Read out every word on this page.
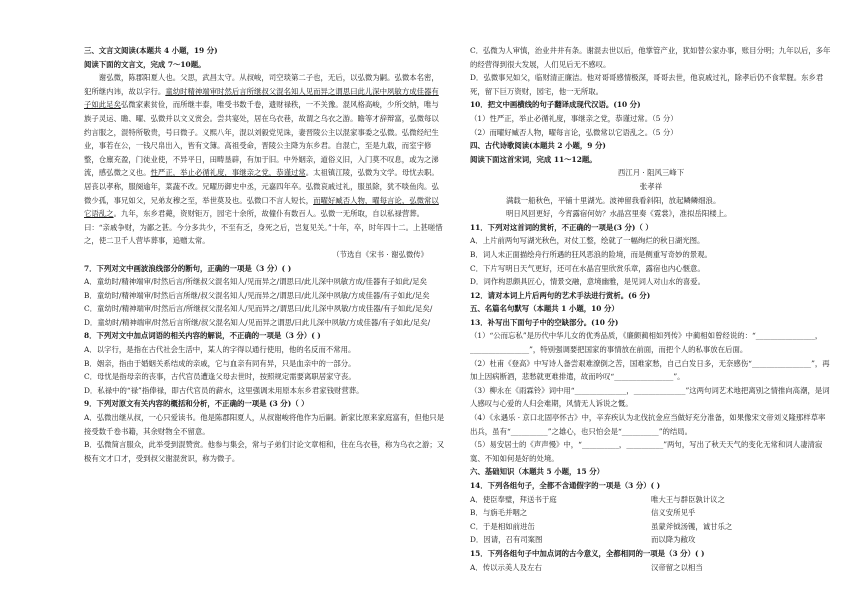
三、文言文阅读(本题共 4 小题，19 分)

阅读下面的文言文，完成 7～10题。

谢弘微，陈郡阳夏人也。父思，武昌太守。从叔峻，司空琰第二子也，无后，以弘微为嗣。弘微本名密，犯所继内讳，故以字行。童幼时精神端审时然后言所继叔父混名知人见而异之谓思曰此儿深中夙敏方成佳器有子如此足矣弘微家素贫俭，而所继丰泰，唯受书数千卷，遗财禄秩，一不关豫。混风格高峻，少所交纳，唯与族子灵运、瞻、曜、弘微并以文义赏会。尝共宴处，居在乌衣巷，故谓之乌衣之游。瞻等才辞辩富，弘微每以约言服之，混特所敬贵，号曰微子。义熙八年，混以刘毅党见诛，妻晋陵公主以混家事委之弘微。弘微经纪生业，事若在公，一钱尺帛出入，皆有文簿。高祖受命，晋陵公主降为东乡君。自混亡，至是九载，而室宇修整，仓廪充盈，门徒业使，不异平日，田畴垦辟，有加于旧。中外姻亲，道俗义旧，入门莫不叹息，或为之涕流，感弘微之义也。性严正，举止必循礼度，事继亲之党，恭谨过常。太祖镇江陵，弘微为文学。母忧去职。居丧以孝称，服阕逾年，菜蔬不改。兄曜历御史中丞，元嘉四年卒。弘微哀戚过礼，服虽除，犹不啖鱼肉。弘微少孤，事兄如父，兄弟友穆之至，举世莫及也。弘微口不言人短长，而曜好臧否人物，曜每言论，弘微常以它语乱之。九年，东乡君薨，资财钜万，园宅十余所，故僮仆有数百人。弘微一无所取，自以私禄营葬。曰：“亲戚争财，为鄙之甚。今分多共少，不至有乏，身死之后，岂复见关。”十年，卒，时年四十二。上甚嗟惜之，使二卫千人营毕葬事，追赠太常。

（节选自《宋书 · 谢弘微传》

7．下列对文中画波浪线部分的断句，正确的一项是（3 分）( )

A．童幼时/精神端审/时然后言/所继叔父混名知人/见而异之/谓思曰/此儿深中夙敏方成/佳器有子如此/足矣

B．童幼时/精神端审/时然后言所继/叔父混名知人/见而异之/谓思曰/此儿深中夙敏/方成佳器/有子如此/足矣

C．童幼时/精神端审/时然后言/所继叔父混名知人/见而异之/谓思曰/此儿深中夙敏/方成佳器/有子如此/足矣/

D．童幼时/精神端审/时然后言所继/叔父混名知人/见而异之谓思/曰此儿深中夙敏/方成佳器/有子如此/足矣/

8．下列对文中加点词语的相关内容的解说，不正确的一项是（3 分）( )

A．以字行，是指在古代社会生活中，某人的字得以通行使用，他的名反而不常用。

B．姻亲，指由于婚姻关系结成的亲戚，它与血亲有同有异，只是血亲中的一部分。

C．母忧是指母亲的丧事，古代官员遭逢父母去世时，按照规定需要离职居家守丧。

D．私禄中的“禄”指俸禄，即古代官员的薪水，这里强调未用原本东乡君家钱财营葬。

9．下列对原文有关内容的概括和分析，不正确的一项是 (3 分)（ ）

A．弘微出继从叔，一心只爱读书。他是陈郡阳夏人，从叔谢峻将他作为后嗣。新家比原来家庭富有，但他只是接受数千卷书籍，其余财物全不留意。

B．弘微简言服众，此举受到混赞赏。他参与集会，常与子弟们讨论文章相和，住在乌衣巷，称为乌衣之游；又极有文才口才，受到叔父谢混赏识，称为微子。

C．弘微为人审慎，治业井井有条。谢混去世以后，他掌管产业，犹如替公家办事，账目分明；九年以后，多年的经营得到很大发展，人们见后无不感叹。

D．弘微事兄如父，临财清正廉洁。他对哥哥感情极深，哥哥去世，他哀戚过礼，除孝后仍不食荤腥。东乡君死，留下巨万资财，园宅，他一无所取。

10．把文中画横线的句子翻译成现代汉语。(10 分)

（1）性严正，举止必循礼度，事继亲之党，恭谨过常。（5 分）

（2）而曜好臧否人物，曜每言论，弘微常以它语乱之。（5 分）

四、古代诗歌阅读(本题共 2 小题，9 分)

阅读下面这首宋词，完成 11～12题。

西江月 · 阻风三峰下

张孝祥

满载一船秋色，平铺十里湖光。波神留我看斜阳，放起鳞鳞细浪。

明日风回更好，今宵露宿何妨？水晶宫里奏《霓裳》，准拟岳阳楼上。

11．下列对这首词的赏析，不正确的一项是(3 分)（ ）

A．上片前两句写湖光秋色，对仗工整，绘就了一幅绚烂的秋日湖光图。

B．词人未正面描绘舟行所遇的狂风恶浪的险境，而是侧重写奇妙的景观。

C．下片写明日天气更好，还可在水晶宫里欣赏乐章，露宿也内心惬意。

D．词作构思颇具匠心，情景交融，意境幽雅，是见词人对山水的喜爱。

12．请对本词上片后两句的艺术手法进行赏析。(6 分)

五、名篇名句默写（本题共 1 小题，10 分）

13．补写出下面句子中的空缺部分。(10 分)

（1）“公而忘私”是历代中华儿女的优秀品质，《廉颇蔺相如列传》中蔺相如曾经说的：“________________，________________”，特别强调要把国家的事情放在前面，而把个人的私事放在后面。

（2）杜甫《登高》中写诗人备尝艰难潦倒之苦，国难家愁，自己白发日多，无奈感伤“________________”，再加上因病断酒，悲愁就更难排遣，故而吟叹“________________”。

（3）柳永在《雨霖铃》词中用“______________，______________”这两句词艺术地把离别之情推向高潮，是词人感叹与心爱的人归会难期，风情无人诉说之慨。

（4）《永遇乐 · 京口北固亭怀古》中，辛弃疾认为北伐抗金应当做好充分准备，如果像宋文帝刘义隆那样草率出兵，虽有“__________”之雄心，也只怕会是“__________”的结局。

（5）易安居士的《声声慢》中，“__________，__________”两句，写出了秋天天气的变化无常和词人凄清寂寞、不知如何是好的处境。

六、基础知识（本题共 5 小题，15 分）

14．下列各组句子，全都不含通假字的一项是（3 分）( )

A．使臣奉璧，拜送书于庭	唯大王与群臣孰计议之
B．与旃毛并咽之	信义安所见乎
C．于是相如前进缶	虽蒙斧钺汤镬，诚甘乐之
D．因请，召有司案图	而以降为敝攻

15．下列各组句子中加点词的古今意义，全都相同的一项是（3 分）( )

A．传以示美人及左右	汉帝留之以相当
